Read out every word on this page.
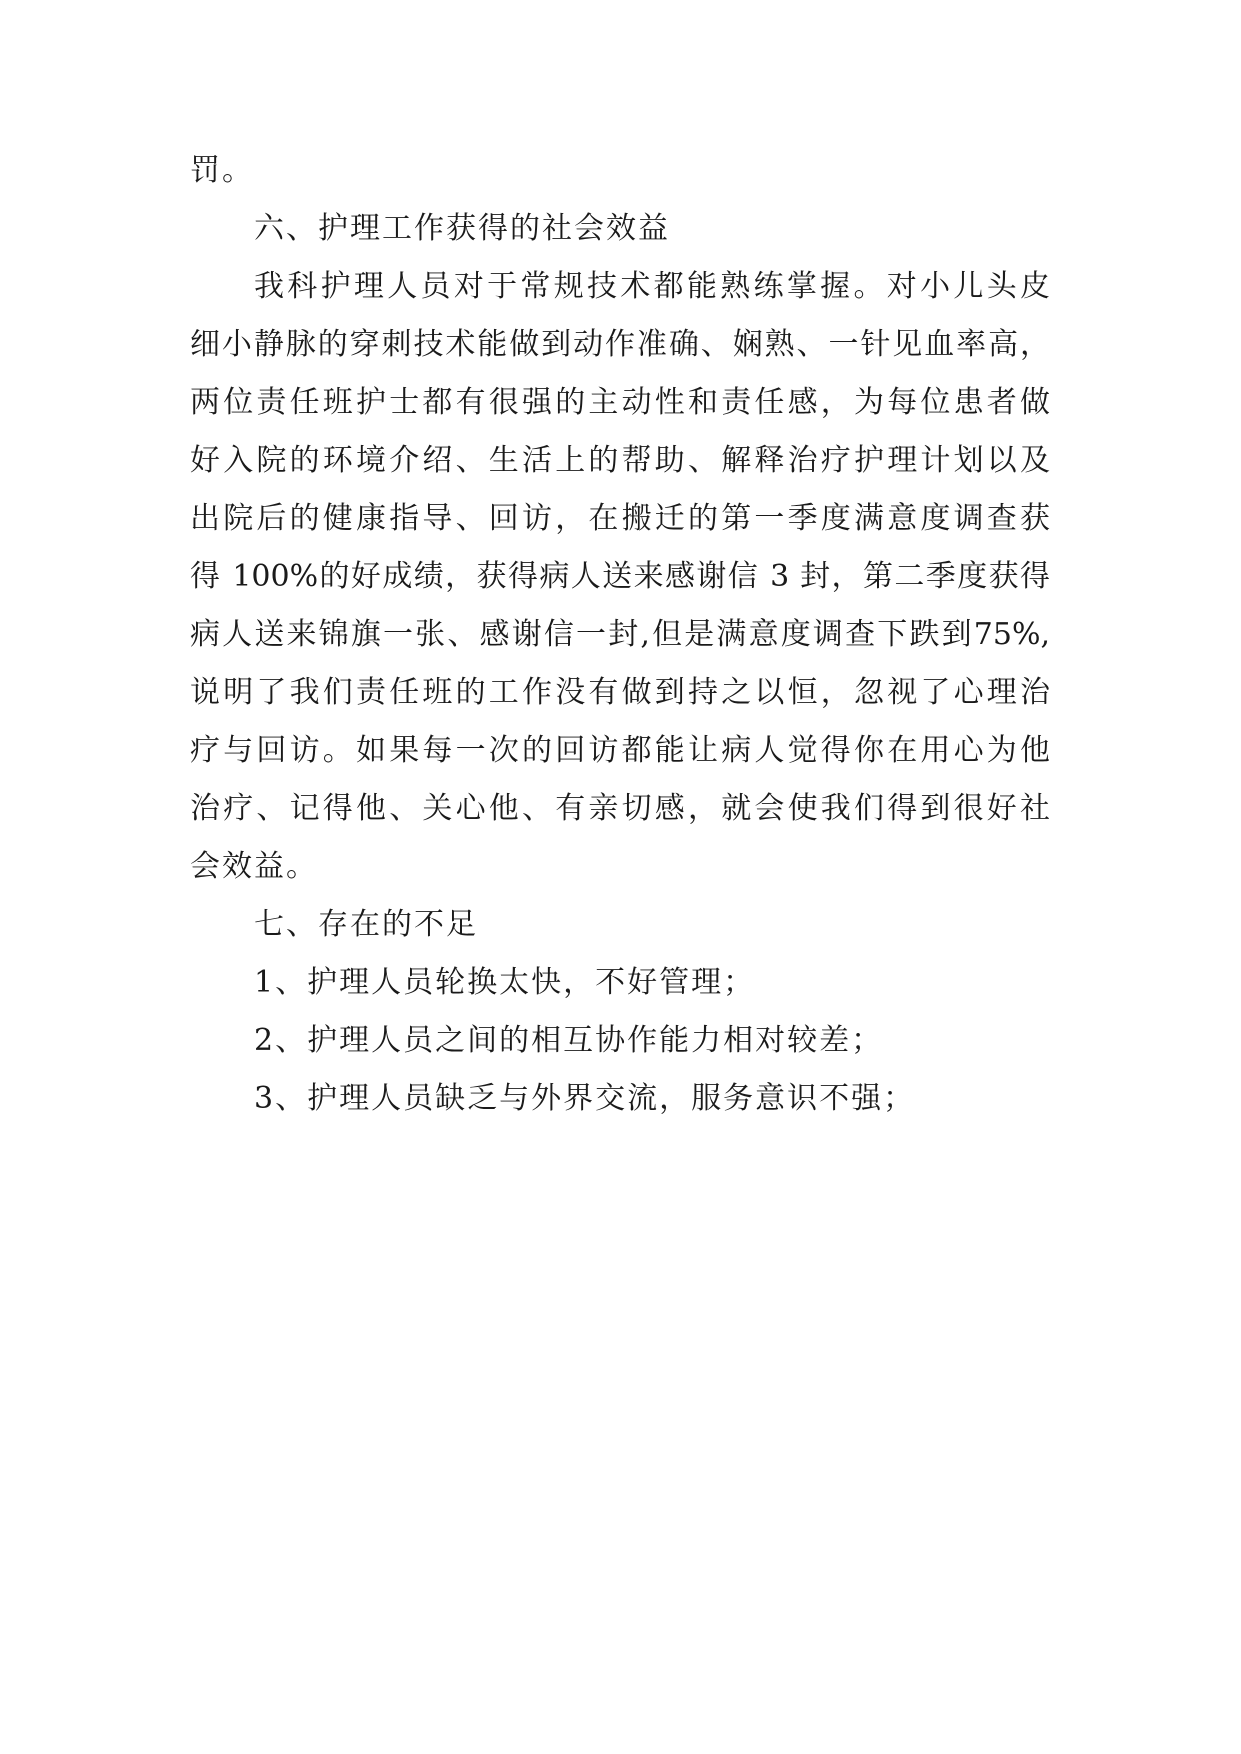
罚。
六、护理工作获得的社会效益
我科护理人员对于常规技术都能熟练掌握。对小儿头皮
细小静脉的穿刺技术能做到动作准确、娴熟、一针见血率高，
两位责任班护士都有很强的主动性和责任感，为每位患者做
好入院的环境介绍、生活上的帮助、解释治疗护理计划以及
出院后的健康指导、回访，在搬迁的第一季度满意度调查获
得 100%的好成绩，获得病人送来感谢信 3 封，第二季度获得
病人送来锦旗一张、感谢信一封,但是满意度调查下跌到75%,
说明了我们责任班的工作没有做到持之以恒，忽视了心理治
疗与回访。如果每一次的回访都能让病人觉得你在用心为他
治疗、记得他、关心他、有亲切感，就会使我们得到很好社
会效益。
七、存在的不足
1、护理人员轮换太快，不好管理；
2、护理人员之间的相互协作能力相对较差；
3、护理人员缺乏与外界交流，服务意识不强；
